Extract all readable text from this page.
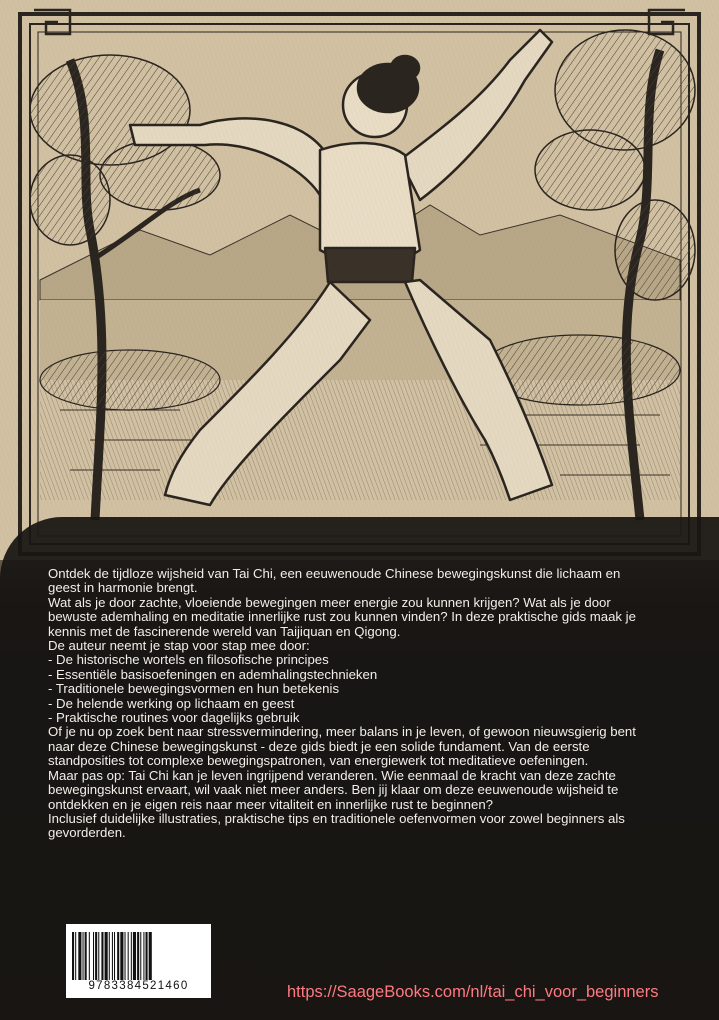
Ontdek de tijdloze wijsheid van Tai Chi, een eeuwenoude Chinese bewegingskunst die lichaam en

geest in harmonie brengt.

Wat als je door zachte, vloeiende bewegingen meer energie zou kunnen krijgen? Wat als je door

bewuste ademhaling en meditatie innerlijke rust zou kunnen vinden? In deze praktische gids maak je

kennis met de fascinerende wereld van Taijiquan en Qigong.

De auteur neemt je stap voor stap mee door:

- De historische wortels en filosofische principes

- Essentiële basisoefeningen en ademhalingstechnieken

- Traditionele bewegingsvormen en hun betekenis

- De helende werking op lichaam en geest

- Praktische routines voor dagelijks gebruik

Of je nu op zoek bent naar stressvermindering, meer balans in je leven, of gewoon nieuwsgierig bent

naar deze Chinese bewegingskunst - deze gids biedt je een solide fundament. Van de eerste

standposities tot complexe bewegingspatronen, van energiewerk tot meditatieve oefeningen.

Maar pas op: Tai Chi kan je leven ingrijpend veranderen. Wie eenmaal de kracht van deze zachte

bewegingskunst ervaart, wil vaak niet meer anders. Ben jij klaar om deze eeuwenoude wijsheid te

ontdekken en je eigen reis naar meer vitaliteit en innerlijke rust te beginnen?

Inclusief duidelijke illustraties, praktische tips en traditionele oefenvormen voor zowel beginners als

gevorderden.

9783384521460	https://SaageBooks.com/nl/tai_chi_voor_beginners
